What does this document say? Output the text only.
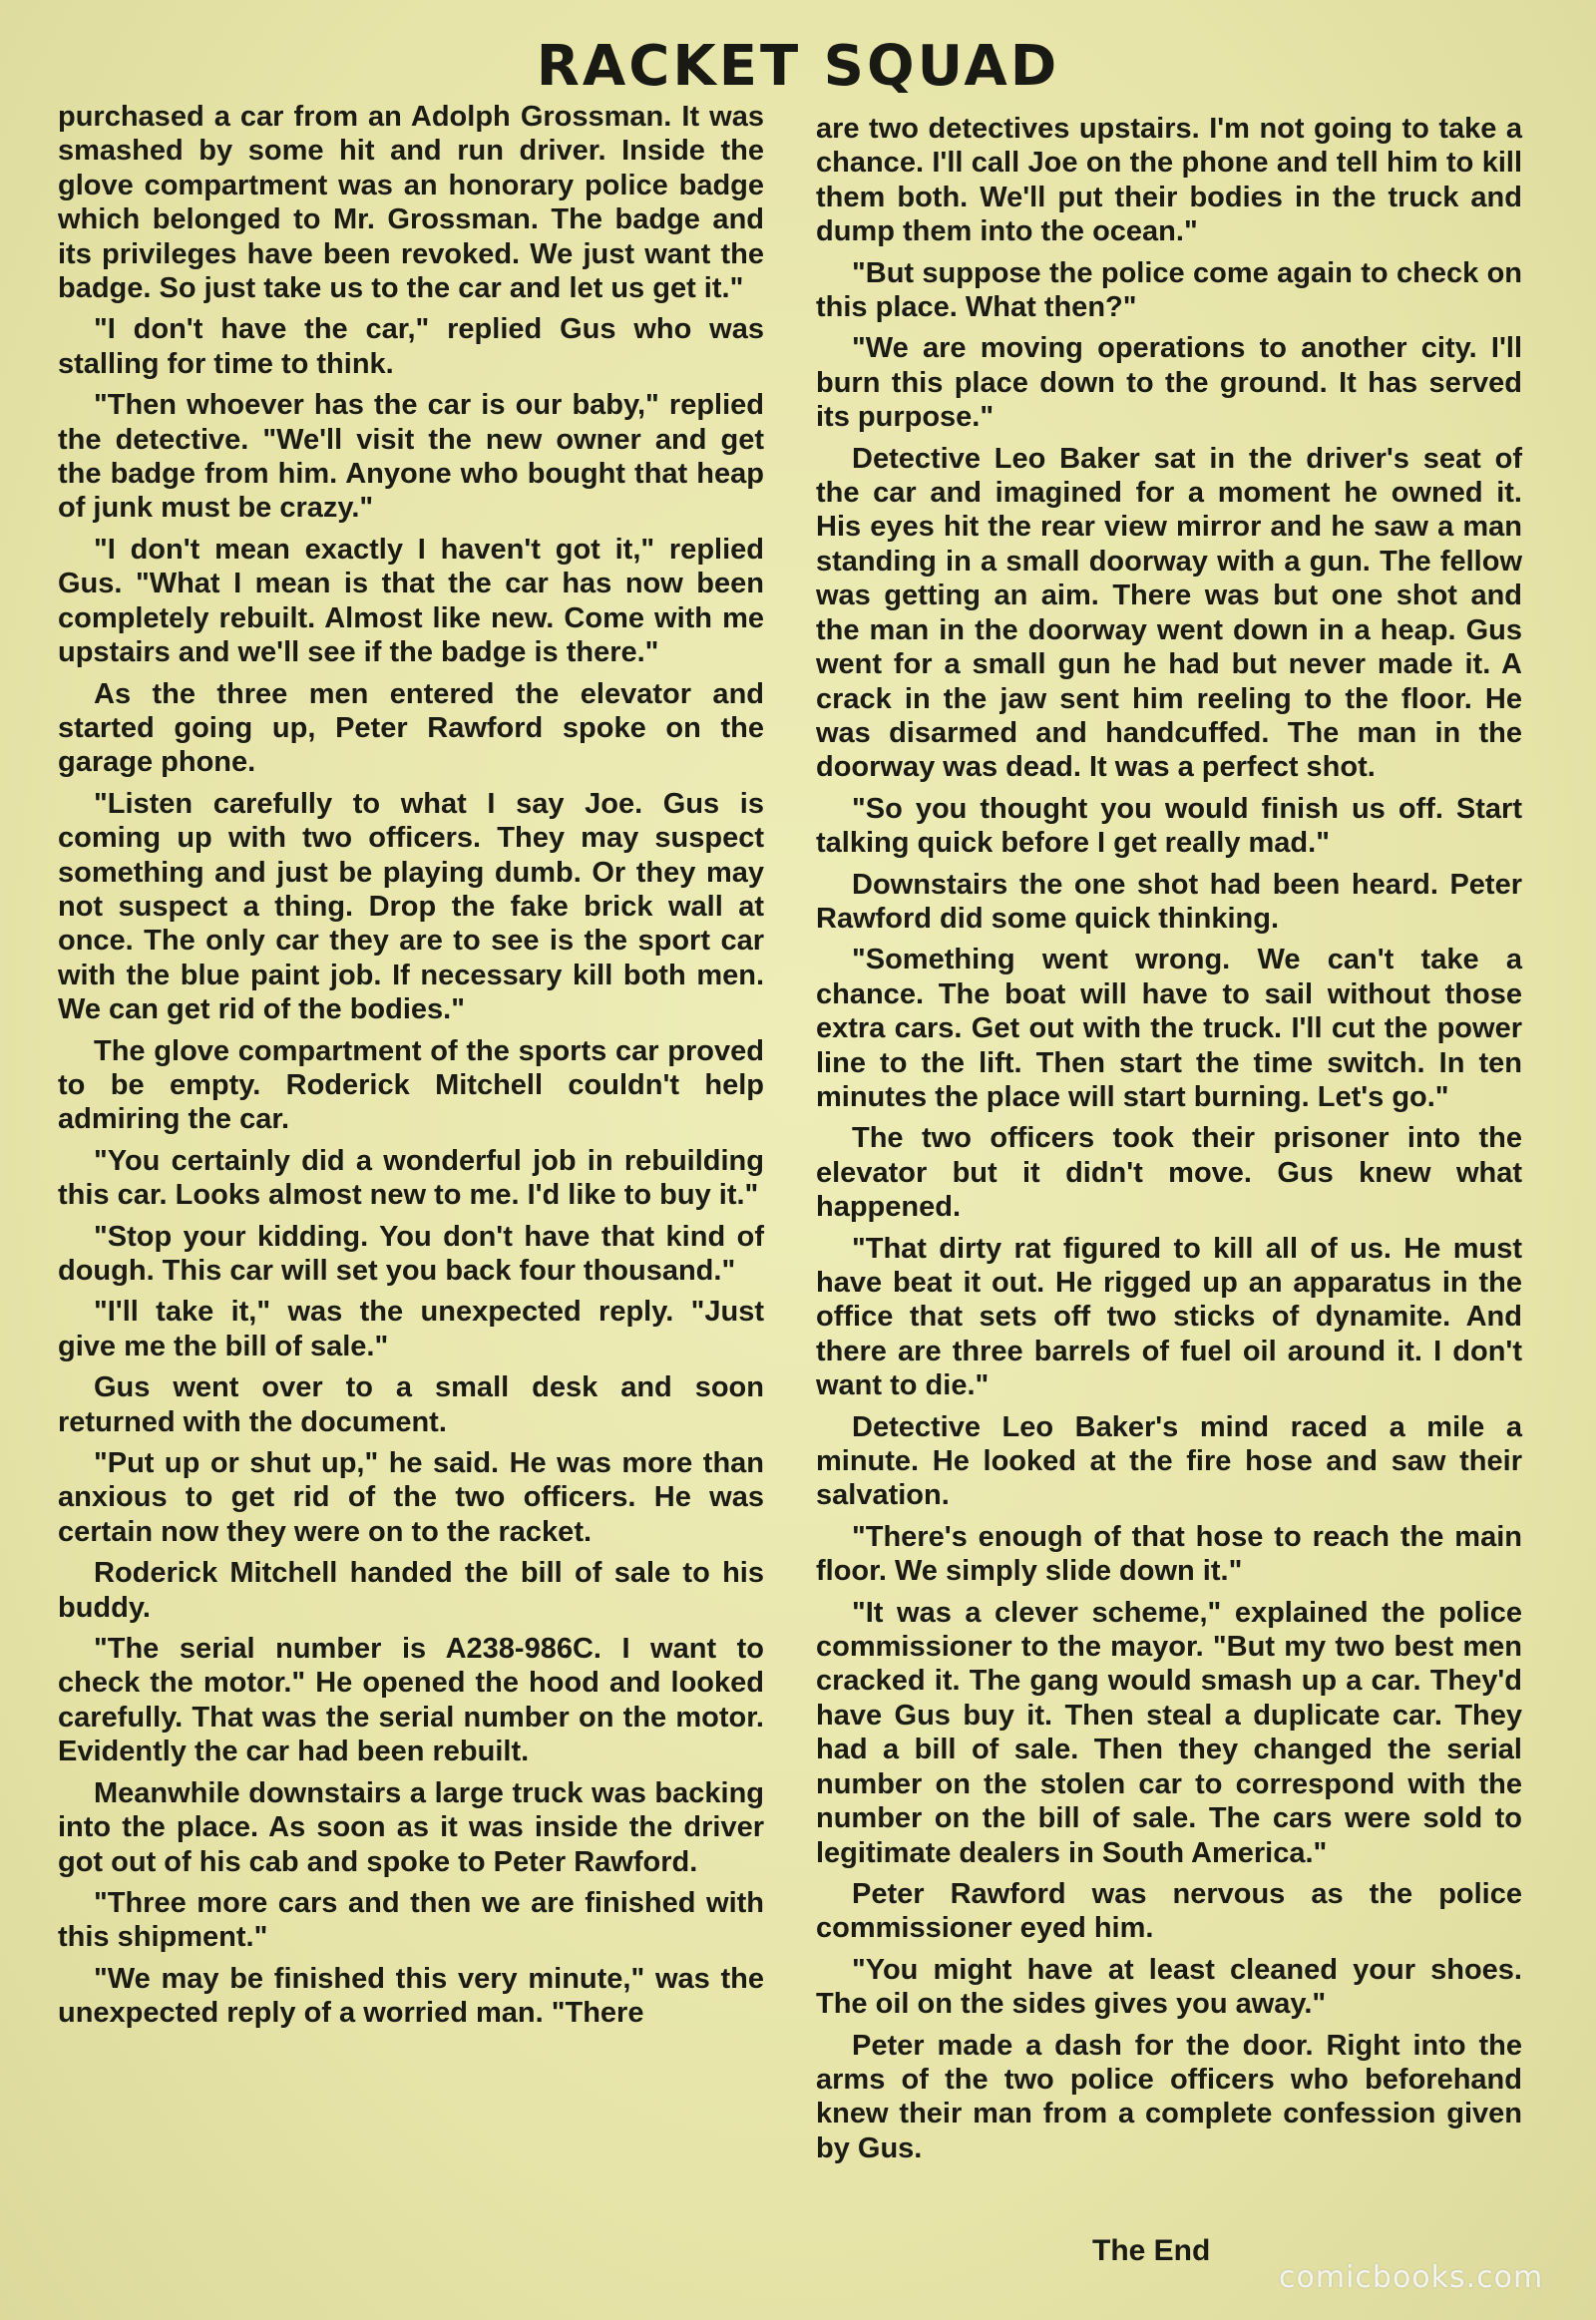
RACKET SQUAD

purchased a car from an Adolph Grossman. It was smashed by some hit and run driver. Inside the glove compartment was an honorary police badge which belonged to Mr. Grossman. The badge and its privileges have been revoked. We just want the badge. So just take us to the car and let us get it."

"I don't have the car," replied Gus who was stalling for time to think.

"Then whoever has the car is our baby," replied the detective. "We'll visit the new owner and get the badge from him. Anyone who bought that heap of junk must be crazy."

"I don't mean exactly I haven't got it," replied Gus. "What I mean is that the car has now been completely rebuilt. Almost like new. Come with me upstairs and we'll see if the badge is there."

As the three men entered the elevator and started going up, Peter Rawford spoke on the garage phone.

"Listen carefully to what I say Joe. Gus is coming up with two officers. They may suspect something and just be playing dumb. Or they may not suspect a thing. Drop the fake brick wall at once. The only car they are to see is the sport car with the blue paint job. If necessary kill both men. We can get rid of the bodies."

The glove compartment of the sports car proved to be empty. Roderick Mitchell couldn't help admiring the car.

"You certainly did a wonderful job in rebuilding this car. Looks almost new to me. I'd like to buy it."

"Stop your kidding. You don't have that kind of dough. This car will set you back four thousand."

"I'll take it," was the unexpected reply. "Just give me the bill of sale."

Gus went over to a small desk and soon returned with the document.

"Put up or shut up," he said. He was more than anxious to get rid of the two officers. He was certain now they were on to the racket.

Roderick Mitchell handed the bill of sale to his buddy.

"The serial number is A238-986C. I want to check the motor." He opened the hood and looked carefully. That was the serial number on the motor. Evidently the car had been rebuilt.

Meanwhile downstairs a large truck was backing into the place. As soon as it was inside the driver got out of his cab and spoke to Peter Rawford.

"Three more cars and then we are finished with this shipment."

"We may be finished this very minute," was the unexpected reply of a worried man. "There

are two detectives upstairs. I'm not going to take a chance. I'll call Joe on the phone and tell him to kill them both. We'll put their bodies in the truck and dump them into the ocean."

"But suppose the police come again to check on this place. What then?"

"We are moving operations to another city. I'll burn this place down to the ground. It has served its purpose."

Detective Leo Baker sat in the driver's seat of the car and imagined for a moment he owned it. His eyes hit the rear view mirror and he saw a man standing in a small doorway with a gun. The fellow was getting an aim. There was but one shot and the man in the doorway went down in a heap. Gus went for a small gun he had but never made it. A crack in the jaw sent him reeling to the floor. He was disarmed and handcuffed. The man in the doorway was dead. It was a perfect shot.

"So you thought you would finish us off. Start talking quick before I get really mad."

Downstairs the one shot had been heard. Peter Rawford did some quick thinking.

"Something went wrong. We can't take a chance. The boat will have to sail without those extra cars. Get out with the truck. I'll cut the power line to the lift. Then start the time switch. In ten minutes the place will start burning. Let's go."

The two officers took their prisoner into the elevator but it didn't move. Gus knew what happened.

"That dirty rat figured to kill all of us. He must have beat it out. He rigged up an apparatus in the office that sets off two sticks of dynamite. And there are three barrels of fuel oil around it. I don't want to die."

Detective Leo Baker's mind raced a mile a minute. He looked at the fire hose and saw their salvation.

"There's enough of that hose to reach the main floor. We simply slide down it."

"It was a clever scheme," explained the police commissioner to the mayor. "But my two best men cracked it. The gang would smash up a car. They'd have Gus buy it. Then steal a duplicate car. They had a bill of sale. Then they changed the serial number on the stolen car to correspond with the number on the bill of sale. The cars were sold to legitimate dealers in South America."

Peter Rawford was nervous as the police commissioner eyed him.

"You might have at least cleaned your shoes. The oil on the sides gives you away."

Peter made a dash for the door. Right into the arms of the two police officers who beforehand knew their man from a complete confession given by Gus.

The End
comicbooks.com
